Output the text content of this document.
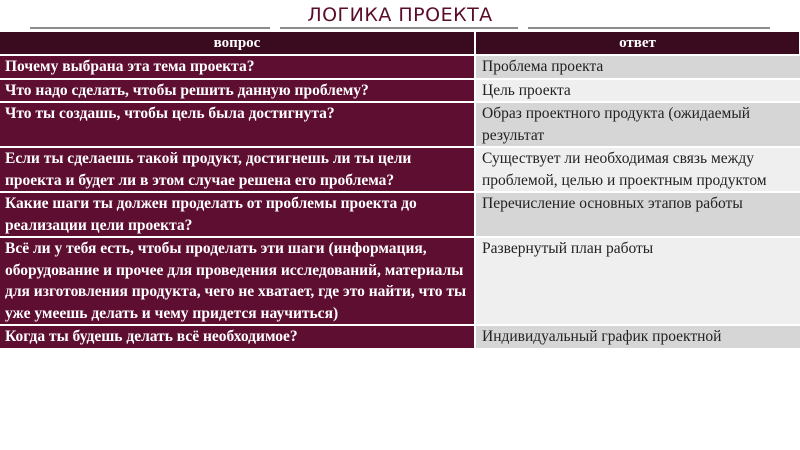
ЛОГИКА ПРОЕКТА
вопрос	ответ
Почему выбрана эта тема проекта?	Проблема проекта
Что надо сделать, чтобы решить данную проблему?	Цель проекта
Что ты создашь, чтобы цель была достигнута?	Образ проектного продукта (ожидаемый результат
Если ты сделаешь такой продукт, достигнешь ли ты цели проекта и будет ли в этом случае решена его проблема?	Существует ли необходимая связь между проблемой, целью и проектным продуктом
Какие шаги ты должен проделать от проблемы проекта до реализации цели проекта?	Перечисление основных этапов работы
Всё ли у тебя есть, чтобы проделать эти шаги (информация, оборудование и прочее для проведения исследований, материалы для изготовления продукта, чего не хватает, где это найти, что ты уже умеешь делать и чему придется научиться)	Развернутый план работы
Когда ты будешь делать всё необходимое?	Индивидуальный график проектной
